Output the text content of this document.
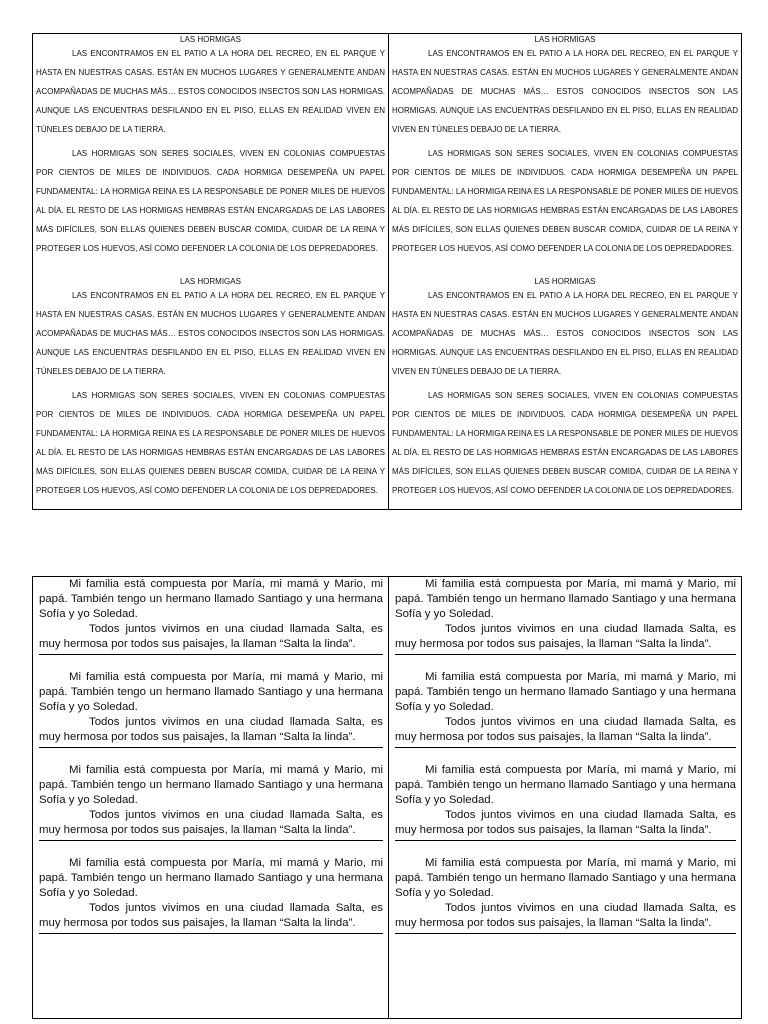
LAS HORMIGAS

LAS ENCONTRAMOS EN EL PATIO A LA HORA DEL RECREO, EN EL PARQUE Y HASTA EN NUESTRAS CASAS. ESTÁN EN MUCHOS LUGARES Y GENERALMENTE ANDAN ACOMPAÑADAS DE MUCHAS MÁS… ESTOS CONOCIDOS INSECTOS SON LAS HORMIGAS. AUNQUE LAS ENCUENTRAS DESFILANDO EN EL PISO, ELLAS EN REALIDAD VIVEN EN TÚNELES DEBAJO DE LA TIERRA.

LAS HORMIGAS SON SERES SOCIALES, VIVEN EN COLONIAS COMPUESTAS POR CIENTOS DE MILES DE INDIVIDUOS. CADA HORMIGA DESEMPEÑA UN PAPEL FUNDAMENTAL: LA HORMIGA REINA ES LA RESPONSABLE DE PONER MILES DE HUEVOS AL DÍA. EL RESTO DE LAS HORMIGAS HEMBRAS ESTÁN ENCARGADAS DE LAS LABORES MÁS DIFÍCILES, SON ELLAS QUIENES DEBEN BUSCAR COMIDA, CUIDAR DE LA REINA Y PROTEGER LOS HUEVOS, ASÍ COMO DEFENDER LA COLONIA DE LOS DEPREDADORES.

LAS HORMIGAS

LAS ENCONTRAMOS EN EL PATIO A LA HORA DEL RECREO, EN EL PARQUE Y HASTA EN NUESTRAS CASAS. ESTÁN EN MUCHOS LUGARES Y GENERALMENTE ANDAN ACOMPAÑADAS DE MUCHAS MÁS… ESTOS CONOCIDOS INSECTOS SON LAS HORMIGAS. AUNQUE LAS ENCUENTRAS DESFILANDO EN EL PISO, ELLAS EN REALIDAD VIVEN EN TÚNELES DEBAJO DE LA TIERRA.

LAS HORMIGAS SON SERES SOCIALES, VIVEN EN COLONIAS COMPUESTAS POR CIENTOS DE MILES DE INDIVIDUOS. CADA HORMIGA DESEMPEÑA UN PAPEL FUNDAMENTAL: LA HORMIGA REINA ES LA RESPONSABLE DE PONER MILES DE HUEVOS AL DÍA. EL RESTO DE LAS HORMIGAS HEMBRAS ESTÁN ENCARGADAS DE LAS LABORES MÁS DIFÍCILES, SON ELLAS QUIENES DEBEN BUSCAR COMIDA, CUIDAR DE LA REINA Y PROTEGER LOS HUEVOS, ASÍ COMO DEFENDER LA COLONIA DE LOS DEPREDADORES.

LAS HORMIGAS

LAS ENCONTRAMOS EN EL PATIO A LA HORA DEL RECREO, EN EL PARQUE Y HASTA EN NUESTRAS CASAS. ESTÁN EN MUCHOS LUGARES Y GENERALMENTE ANDAN ACOMPAÑADAS DE MUCHAS MÁS… ESTOS CONOCIDOS INSECTOS SON LAS HORMIGAS. AUNQUE LAS ENCUENTRAS DESFILANDO EN EL PISO, ELLAS EN REALIDAD VIVEN EN TÚNELES DEBAJO DE LA TIERRA.

LAS HORMIGAS SON SERES SOCIALES, VIVEN EN COLONIAS COMPUESTAS POR CIENTOS DE MILES DE INDIVIDUOS. CADA HORMIGA DESEMPEÑA UN PAPEL FUNDAMENTAL: LA HORMIGA REINA ES LA RESPONSABLE DE PONER MILES DE HUEVOS AL DÍA. EL RESTO DE LAS HORMIGAS HEMBRAS ESTÁN ENCARGADAS DE LAS LABORES MÁS DIFÍCILES, SON ELLAS QUIENES DEBEN BUSCAR COMIDA, CUIDAR DE LA REINA Y PROTEGER LOS HUEVOS, ASÍ COMO DEFENDER LA COLONIA DE LOS DEPREDADORES.

LAS HORMIGAS

LAS ENCONTRAMOS EN EL PATIO A LA HORA DEL RECREO, EN EL PARQUE Y HASTA EN NUESTRAS CASAS. ESTÁN EN MUCHOS LUGARES Y GENERALMENTE ANDAN ACOMPAÑADAS DE MUCHAS MÁS… ESTOS CONOCIDOS INSECTOS SON LAS HORMIGAS. AUNQUE LAS ENCUENTRAS DESFILANDO EN EL PISO, ELLAS EN REALIDAD VIVEN EN TÚNELES DEBAJO DE LA TIERRA.

LAS HORMIGAS SON SERES SOCIALES, VIVEN EN COLONIAS COMPUESTAS POR CIENTOS DE MILES DE INDIVIDUOS. CADA HORMIGA DESEMPEÑA UN PAPEL FUNDAMENTAL: LA HORMIGA REINA ES LA RESPONSABLE DE PONER MILES DE HUEVOS AL DÍA. EL RESTO DE LAS HORMIGAS HEMBRAS ESTÁN ENCARGADAS DE LAS LABORES MÁS DIFÍCILES, SON ELLAS QUIENES DEBEN BUSCAR COMIDA, CUIDAR DE LA REINA Y PROTEGER LOS HUEVOS, ASÍ COMO DEFENDER LA COLONIA DE LOS DEPREDADORES.

Mi familia está compuesta por María, mi mamá y Mario, mi papá. También tengo un hermano llamado Santiago y una hermana Sofía y yo Soledad.

Todos juntos vivimos en una ciudad llamada Salta, es muy hermosa por todos sus paisajes, la llaman “Salta la linda”.

Mi familia está compuesta por María, mi mamá y Mario, mi papá. También tengo un hermano llamado Santiago y una hermana Sofía y yo Soledad.

Todos juntos vivimos en una ciudad llamada Salta, es muy hermosa por todos sus paisajes, la llaman “Salta la linda”.

Mi familia está compuesta por María, mi mamá y Mario, mi papá. También tengo un hermano llamado Santiago y una hermana Sofía y yo Soledad.

Todos juntos vivimos en una ciudad llamada Salta, es muy hermosa por todos sus paisajes, la llaman “Salta la linda”.

Mi familia está compuesta por María, mi mamá y Mario, mi papá. También tengo un hermano llamado Santiago y una hermana Sofía y yo Soledad.

Todos juntos vivimos en una ciudad llamada Salta, es muy hermosa por todos sus paisajes, la llaman “Salta la linda”.

Mi familia está compuesta por María, mi mamá y Mario, mi papá. También tengo un hermano llamado Santiago y una hermana Sofía y yo Soledad.

Todos juntos vivimos en una ciudad llamada Salta, es muy hermosa por todos sus paisajes, la llaman “Salta la linda”.

Mi familia está compuesta por María, mi mamá y Mario, mi papá. También tengo un hermano llamado Santiago y una hermana Sofía y yo Soledad.

Todos juntos vivimos en una ciudad llamada Salta, es muy hermosa por todos sus paisajes, la llaman “Salta la linda”.

Mi familia está compuesta por María, mi mamá y Mario, mi papá. También tengo un hermano llamado Santiago y una hermana Sofía y yo Soledad.

Todos juntos vivimos en una ciudad llamada Salta, es muy hermosa por todos sus paisajes, la llaman “Salta la linda”.

Mi familia está compuesta por María, mi mamá y Mario, mi papá. También tengo un hermano llamado Santiago y una hermana Sofía y yo Soledad.

Todos juntos vivimos en una ciudad llamada Salta, es muy hermosa por todos sus paisajes, la llaman “Salta la linda”.
